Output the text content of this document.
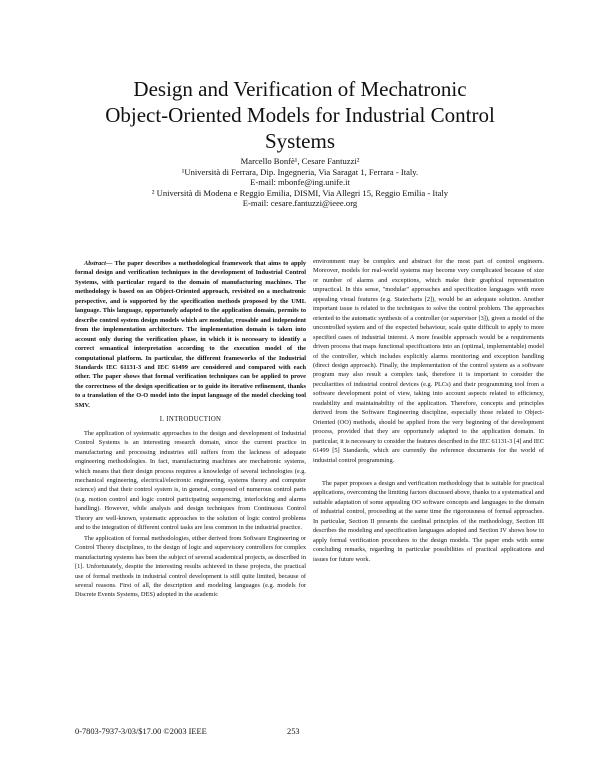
Design and Verification of Mechatronic
Object-Oriented Models for Industrial Control
Systems
Marcello Bonfè¹, Cesare Fantuzzi²
¹Università di Ferrara, Dip. Ingegneria, Via Saragat 1, Ferrara - Italy.
E-mail: mbonfe@ing.unife.it
² Università di Modena e Reggio Emilia, DISMI, Via Allegri 15, Reggio Emilia - Italy
E-mail: cesare.fantuzzi@ieee.org

Abstract— The paper describes a methodological framework that aims to apply formal design and verification techniques in the development of Industrial Control Systems, with particular regard to the domain of manufacturing machines. The methodology is based on an Object-Oriented approach, revisited on a mechatronic perspective, and is supported by the specification methods proposed by the UML language. This language, opportunely adapted to the application domain, permits to describe control system design models which are modular, reusable and independent from the implementation architecture. The implementation domain is taken into account only during the verification phase, in which it is necessary to identify a correct semantical interpretation according to the execution model of the computational platform. In particular, the different frameworks of the Industrial Standards IEC 61131-3 and IEC 61499 are considered and compared with each other. The paper shows that formal verification techniques can be applied to prove the correctness of the design specification or to guide its iterative refinement, thanks to a translation of the O-O model into the input language of the model checking tool SMV.

I. INTRODUCTION

The application of systematic approaches to the design and development of Industrial Control Systems is an interesting research domain, since the current practice in manufacturing and processing industries still suffers from the lackness of adequate engineering methodologies. In fact, manufacturing machines are mechatronic systems, which means that their design process requires a knowledge of several technologies (e.g. mechanical engineering, electrical/electronic engineering, systems theory and computer science) and that their control system is, in general, composed of numerous control parts (e.g. motion control and logic control participating sequencing, interlocking and alarms handling). However, while analysis and design techniques from Continuous Control Theory are well-known, systematic approaches to the solution of logic control problems and to the integration of different control tasks are less common in the industrial practice.

The application of formal methodologies, either derived from Software Engineering or Control Theory disciplines, to the design of logic and supervisory controllers for complex manufacturing systems has been the subject of several academical projects, as described in [1]. Unfortunately, despite the interesting results achieved in these projects, the practical use of formal methods in industrial control development is still quite limited, because of several reasons. First of all, the description and modeling languages (e.g. models for Discrete Events Systems, DES) adopted in the academic

environment may be complex and abstract for the most part of control engineers. Moreover, models for real-world systems may become very complicated because of size or number of alarms and exceptions, which make their graphical representation unpractical. In this sense, "modular" approaches and specification languages with more appealing visual features (e.g. Statecharts [2]), would be an adequate solution. Another important issue is related to the techniques to solve the control problem. The approaches oriented to the automatic synthesis of a controller (or supervisor [3]), given a model of the uncontrolled system and of the expected behaviour, scale quite difficult to apply to more specified cases of industrial interest. A more feasible approach would be a requirements driven process that maps functional specifications into an (optimal, implementable) model of the controller, which includes explicitly alarms monitoring and exception handling (direct design approach). Finally, the implementation of the control system as a software program may also result a complex task, therefore it is important to consider the peculiarities of industrial control devices (e.g. PLCs) and their programming tool from a software development point of view, taking into account aspects related to efficiency, readability and maintainability of the application. Therefore, concepts and principles derived from the Software Engineering discipline, especially those related to Object-Oriented (OO) methods, should be applied from the very beginning of the development process, provided that they are opportunely adapted to the application domain. In particular, it is necessary to consider the features described in the IEC 61131-3 [4] and IEC 61499 [5] Standards, which are currently the reference documents for the world of industrial control programming.

The paper proposes a design and verification methodology that is suitable for practical applications, overcoming the limiting factors discussed above, thanks to a systematical and suitable adaptation of some appealing OO software concepts and languages to the domain of industrial control, proceeding at the same time the rigorousness of formal approaches. In particular, Section II presents the cardinal principles of the methodology, Section III describes the modeling and specification languages adopted and Section IV shows how to apply formal verification procedures to the design models. The paper ends with some concluding remarks, regarding in particular possibilities of practical applications and issues for future work.

0-7803-7937-3/03/$17.00 ©2003 IEEE	253
